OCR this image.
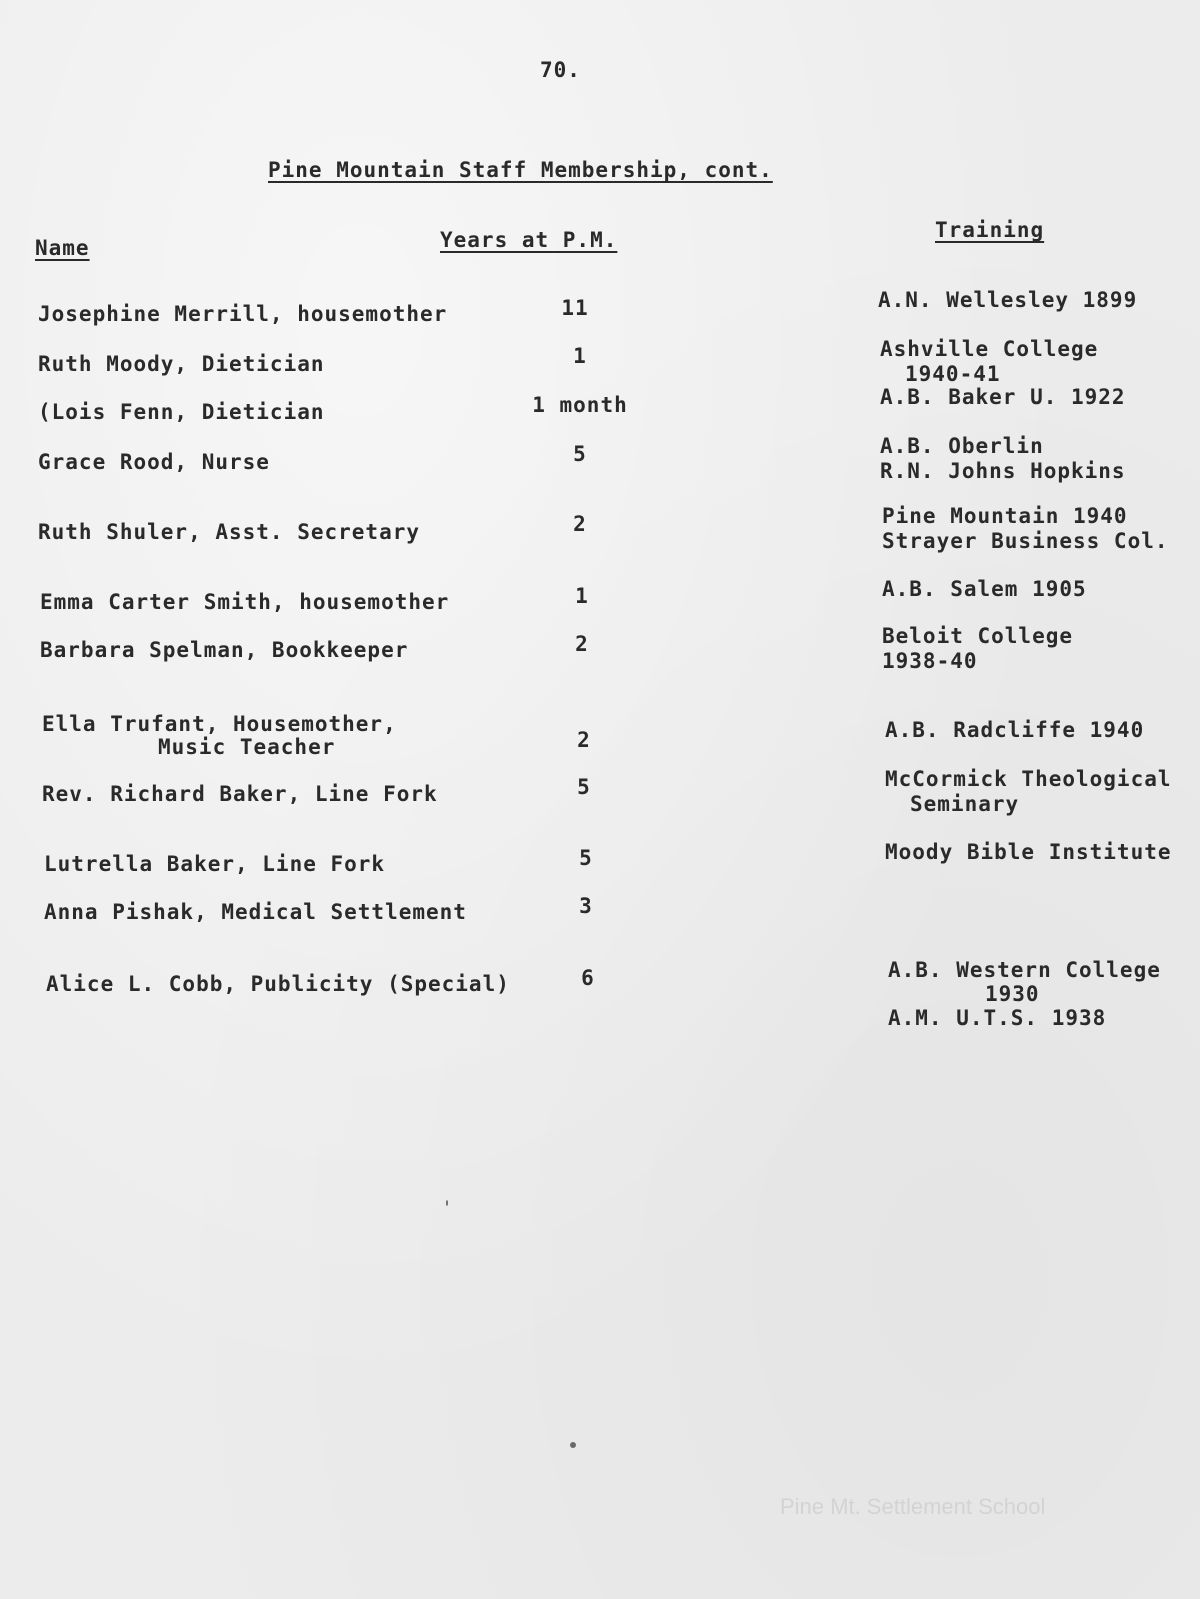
70.
Pine Mountain Staff Membership, cont.
Name	Years at P.M.	Training
Josephine Merrill, housemother	11	A.N. Wellesley 1899
Ruth Moody, Dietician	1	Ashville College
1940-41
(Lois Fenn, Dietician	1 month	A.B. Baker U. 1922
Grace Rood, Nurse	5	A.B. Oberlin
R.N. Johns Hopkins
Ruth Shuler, Asst. Secretary	2	Pine Mountain 1940
Strayer Business Col.
Emma Carter Smith, housemother	1	A.B. Salem 1905
Barbara Spelman, Bookkeeper	2	Beloit College
1938-40
Ella Trufant, Housemother,
Music Teacher	2	A.B. Radcliffe 1940
Rev. Richard Baker, Line Fork	5	McCormick Theological
Seminary
Lutrella Baker, Line Fork	5	Moody Bible Institute
Anna Pishak, Medical Settlement	3
Alice L. Cobb, Publicity (Special)	6	A.B. Western College
1930
A.M. U.T.S. 1938
Pine Mt. Settlement School
